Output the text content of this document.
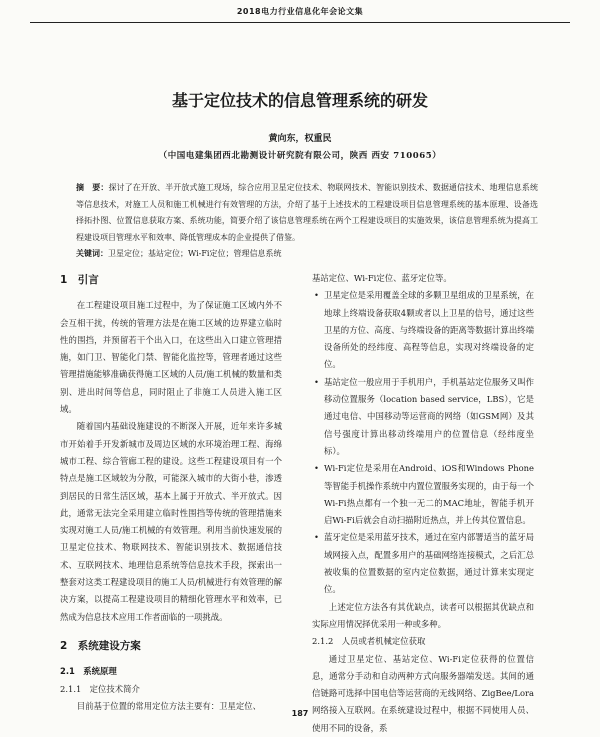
2018电力行业信息化年会论文集
基于定位技术的信息管理系统的研发
黄向东，权重民
（中国电建集团西北勘测设计研究院有限公司，陕西 西安 710065）
摘　要：探讨了在开放、半开放式施工现场，综合应用卫星定位技术、物联网技术、智能识别技术、数据通信技术、地理信息系统等信息技术，对施工人员和施工机械进行有效管理的方法，介绍了基于上述技术的工程建设项目信息管理系统的基本原理、设备选择拓扑图、位置信息获取方案、系统功能，简要介绍了该信息管理系统在两个工程建设项目的实施效果，该信息管理系统为提高工程建设项目管理水平和效率、降低管理成本的企业提供了借鉴。
关键词：卫星定位；基站定位；Wi-Fi定位；管理信息系统
1　引言

在工程建设项目施工过程中，为了保证施工区域内外不会互相干扰，传统的管理方法是在施工区域的边界建立临时性的围挡，并预留若干个出入口，在这些出入口建立管理措施，如门卫、智能化门禁、智能化监控等，管理者通过这些管理措施能够准确获得施工区域的人员/施工机械的数量和类别、进出时间等信息，同时阻止了非施工人员进入施工区域。

随着国内基础设施建设的不断深入开展，近年来许多城市开始着手开发新城市及周边区域的水环境治理工程、海绵城市工程、综合管廊工程的建设。这些工程建设项目有一个特点是施工区域较为分散，可能深入城市的大街小巷，渗透到居民的日常生活区域，基本上属于开放式、半开放式。因此，通常无法完全采用建立临时性围挡等传统的管理措施来实现对施工人员/施工机械的有效管理。利用当前快速发展的卫星定位技术、物联网技术、智能识别技术、数据通信技术、互联网技术、地理信息系统等信息技术手段，探索出一整套对这类工程建设项目的施工人员/机械进行有效管理的解决方案，以提高工程建设项目的精细化管理水平和效率，已然成为信息技术应用工作者面临的一项挑战。

2　系统建设方案
2.1　系统原理
2.1.1　定位技术简介

目前基于位置的常用定位方法主要有：卫星定位、

基站定位、Wi-Fi定位、蓝牙定位等。

• 卫星定位是采用覆盖全球的多颗卫星组成的卫星系统，在地球上终端设备获取4颗或者以上卫星的信号，通过这些卫星的方位、高度、与终端设备的距离等数据计算出终端设备所处的经纬度、高程等信息，实现对终端设备的定位。
• 基站定位一般应用于手机用户，手机基站定位服务又叫作移动位置服务（location based service，LBS），它是通过电信、中国移动等运营商的网络（如GSM网）及其信号强度计算出移动终端用户的位置信息（经纬度坐标）。
• Wi-Fi定位是采用在Android、iOS和Windows Phone等智能手机操作系统中内置位置服务实现的，由于每一个Wi-Fi热点都有一个独一无二的MAC地址，智能手机开启Wi-Fi后就会自动扫描附近热点，并上传其位置信息。
• 蓝牙定位是采用蓝牙技术，通过在室内部署适当的蓝牙局域网接入点，配置多用户的基础网络连接模式，之后汇总被收集的位置数据的室内定位数据，通过计算来实现定位。

上述定位方法各有其优缺点，读者可以根据其优缺点和实际应用情况择优采用一种或多种。

2.1.2　人员或者机械定位获取

通过卫星定位、基站定位、Wi-Fi定位获得的位置信息，通常分手动和自动两种方式向服务器端发送。其间的通信链路可选择中国电信等运营商的无线网络、ZigBee/Lora网络接入互联网。在系统建设过程中，根据不同使用人员、使用不同的设备，系

187
